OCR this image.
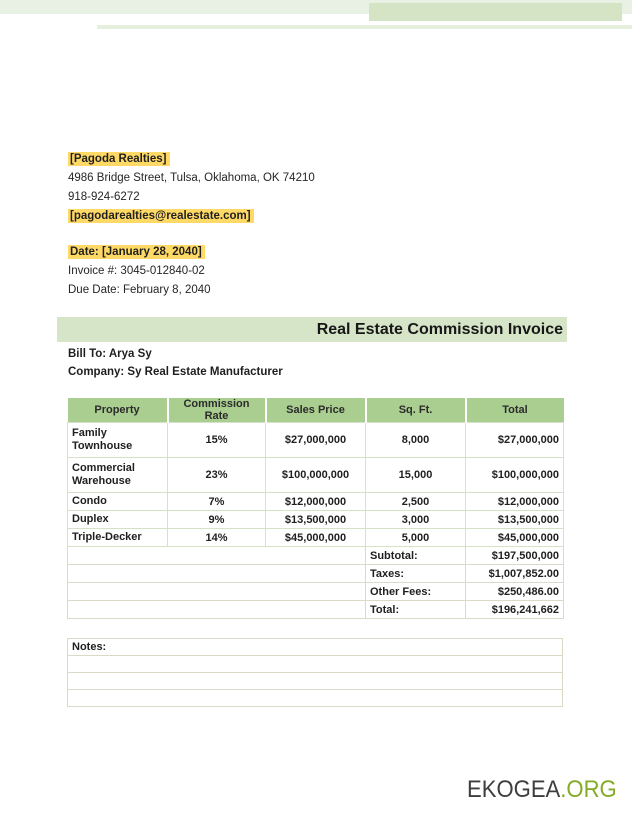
[Pagoda Realties]

4986 Bridge Street, Tulsa, Oklahoma, OK 74210

918-924-6272

[pagodarealties@realestate.com]

Date: [January 28, 2040]

Invoice #: 3045-012840-02

Due Date: February 8, 2040

Real Estate Commission Invoice

Bill To: Arya Sy

Company: Sy Real Estate Manufacturer

Property	Commission Rate	Sales Price	Sq. Ft.	Total
Family Townhouse	15%	$27,000,000	8,000	$27,000,000
Commercial Warehouse	23%	$100,000,000	15,000	$100,000,000
Condo	7%	$12,000,000	2,500	$12,000,000
Duplex	9%	$13,500,000	3,000	$13,500,000
Triple-Decker	14%	$45,000,000	5,000	$45,000,000
			Subtotal:	$197,500,000
			Taxes:	$1,007,852.00
			Other Fees:	$250,486.00
			Total:	$196,241,662
Notes:
EKOGEA.ORG
